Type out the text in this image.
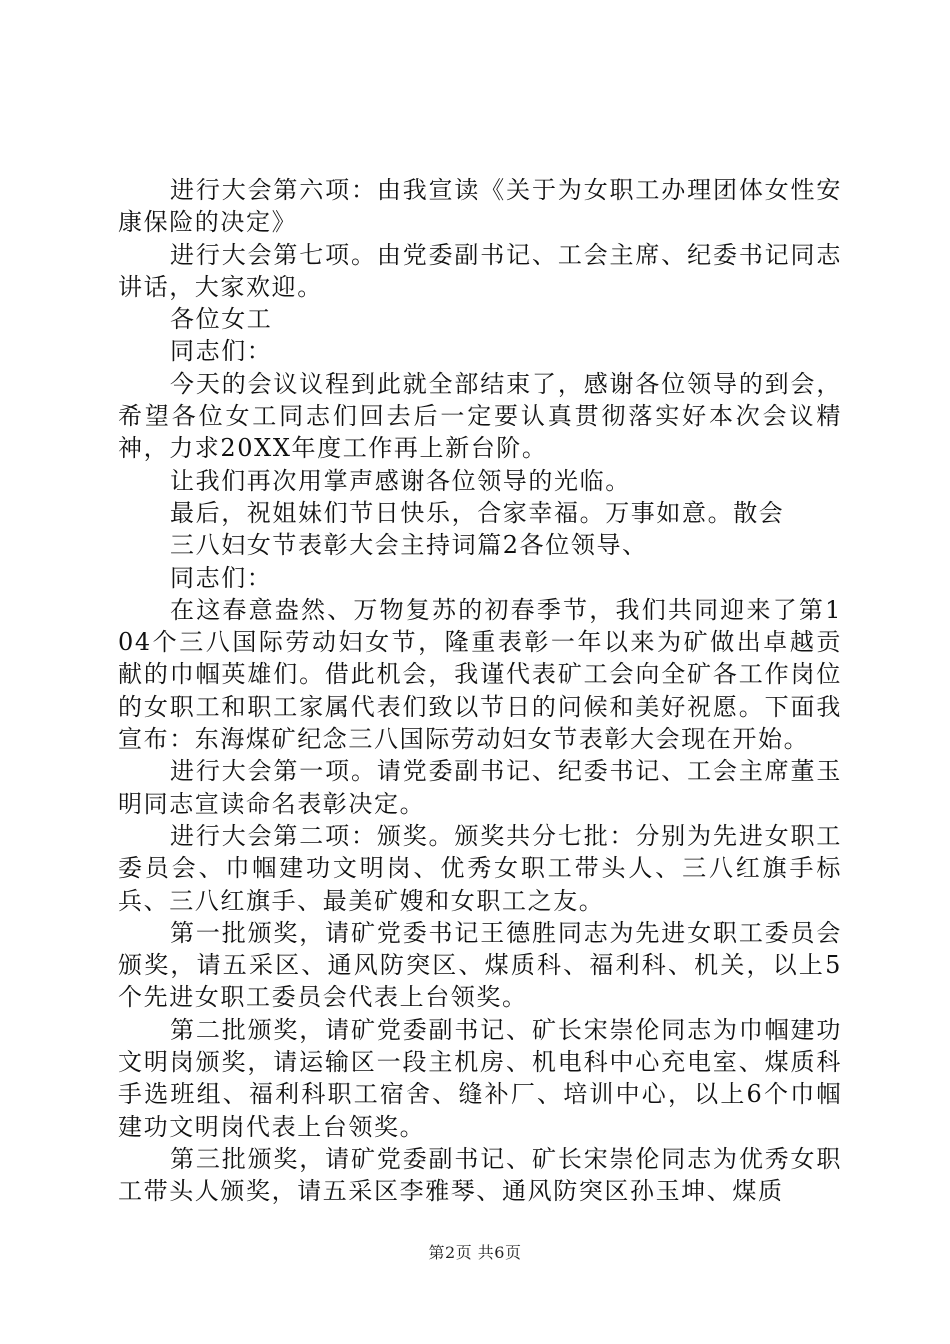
进行大会第六项：由我宣读《关于为女职工办理团体女性安康保险的决定》

进行大会第七项。由党委副书记、工会主席、纪委书记同志讲话，大家欢迎。

各位女工

同志们：

今天的会议议程到此就全部结束了，感谢各位领导的到会，希望各位女工同志们回去后一定要认真贯彻落实好本次会议精神，力求20XX年度工作再上新台阶。

让我们再次用掌声感谢各位领导的光临。

最后，祝姐妹们节日快乐，合家幸福。万事如意。散会

三八妇女节表彰大会主持词篇2各位领导、

同志们：

在这春意盎然、万物复苏的初春季节，我们共同迎来了第104个三八国际劳动妇女节，隆重表彰一年以来为矿做出卓越贡献的巾帼英雄们。借此机会，我谨代表矿工会向全矿各工作岗位的女职工和职工家属代表们致以节日的问候和美好祝愿。下面我宣布：东海煤矿纪念三八国际劳动妇女节表彰大会现在开始。

进行大会第一项。请党委副书记、纪委书记、工会主席董玉明同志宣读命名表彰决定。

进行大会第二项：颁奖。颁奖共分七批：分别为先进女职工委员会、巾帼建功文明岗、优秀女职工带头人、三八红旗手标兵、三八红旗手、最美矿嫂和女职工之友。

第一批颁奖，请矿党委书记王德胜同志为先进女职工委员会颁奖，请五采区、通风防突区、煤质科、福利科、机关，以上5个先进女职工委员会代表上台领奖。

第二批颁奖，请矿党委副书记、矿长宋崇伦同志为巾帼建功文明岗颁奖，请运输区一段主机房、机电科中心充电室、煤质科手选班组、福利科职工宿舍、缝补厂、培训中心，以上6个巾帼建功文明岗代表上台领奖。

第三批颁奖，请矿党委副书记、矿长宋崇伦同志为优秀女职工带头人颁奖，请五采区李雅琴、通风防突区孙玉坤、煤质

第2页 共6页
